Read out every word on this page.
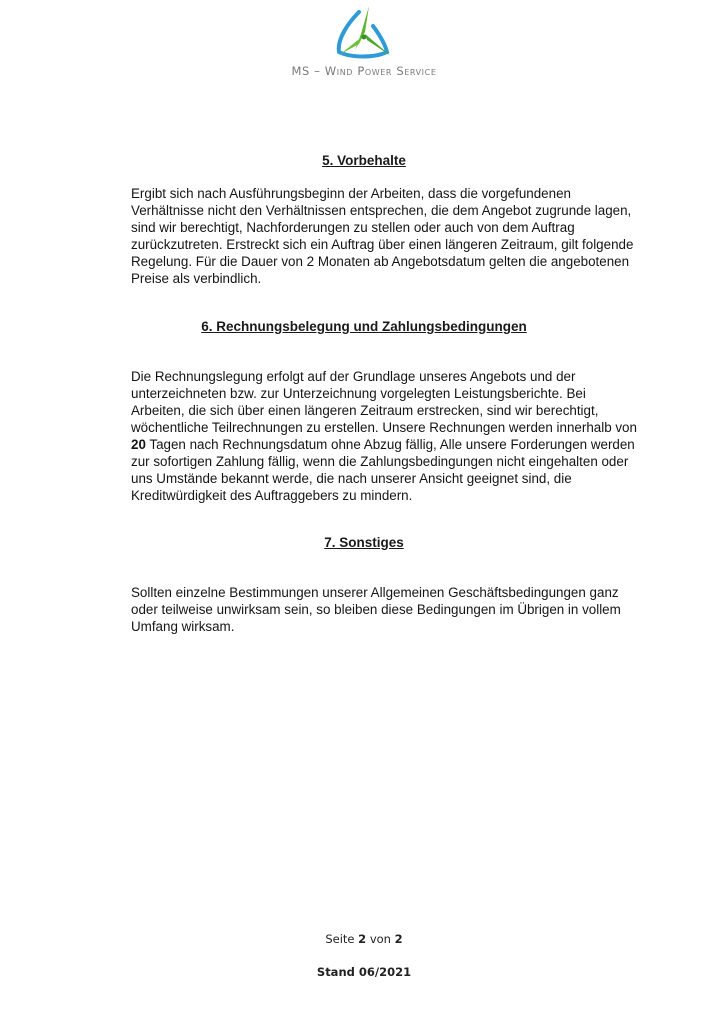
MS – Wind Power Service
5. Vorbehalte

Ergibt sich nach Ausführungsbeginn der Arbeiten, dass die vorgefundenen

Verhältnisse nicht den Verhältnissen entsprechen, die dem Angebot zugrunde lagen,

sind wir berechtigt, Nachforderungen zu stellen oder auch von dem Auftrag

zurückzutreten. Erstreckt sich ein Auftrag über einen längeren Zeitraum, gilt folgende

Regelung. Für die Dauer von 2 Monaten ab Angebotsdatum gelten die angebotenen

Preise als verbindlich.

6. Rechnungsbelegung und Zahlungsbedingungen

Die Rechnungslegung erfolgt auf der Grundlage unseres Angebots und der

unterzeichneten bzw. zur Unterzeichnung vorgelegten Leistungsberichte. Bei

Arbeiten, die sich über einen längeren Zeitraum erstrecken, sind wir berechtigt,

wöchentliche Teilrechnungen zu erstellen. Unsere Rechnungen werden innerhalb von

20 Tagen nach Rechnungsdatum ohne Abzug fällig, Alle unsere Forderungen werden

zur sofortigen Zahlung fällig, wenn die Zahlungsbedingungen nicht eingehalten oder

uns Umstände bekannt werde, die nach unserer Ansicht geeignet sind, die

Kreditwürdigkeit des Auftraggebers zu mindern.

7. Sonstiges

Sollten einzelne Bestimmungen unserer Allgemeinen Geschäftsbedingungen ganz

oder teilweise unwirksam sein, so bleiben diese Bedingungen im Übrigen in vollem

Umfang wirksam.

Seite 2 von 2
Stand 06/2021
